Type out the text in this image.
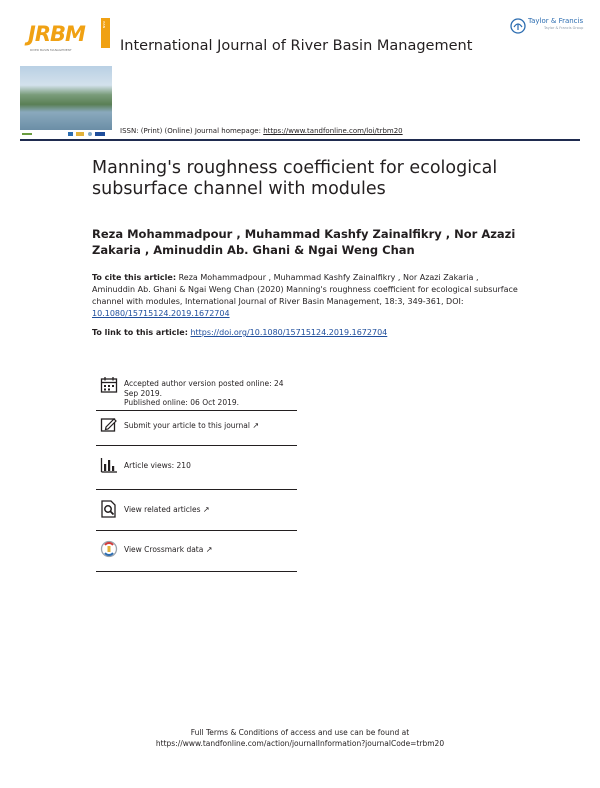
JRBM	ISSN
RIVER BASIN MANAGEMENT	International Journal of River Basin Management
Taylor & Francis
Taylor & Francis Group
ISSN: (Print) (Online) Journal homepage: https://www.tandfonline.com/loi/trbm20
Manning's roughness coefficient for ecological subsurface channel with modules
Reza Mohammadpour , Muhammad Kashfy Zainalfikry , Nor Azazi Zakaria , Aminuddin Ab. Ghani & Ngai Weng Chan
To cite this article: Reza Mohammadpour , Muhammad Kashfy Zainalfikry , Nor Azazi Zakaria , Aminuddin Ab. Ghani & Ngai Weng Chan (2020) Manning's roughness coefficient for ecological subsurface channel with modules, International Journal of River Basin Management, 18:3, 349-361, DOI: 10.1080/15715124.2019.1672704
To link to this article: https://doi.org/10.1080/15715124.2019.1672704
Accepted author version posted online: 24 Sep 2019.
Published online: 06 Oct 2019.
Submit your article to this journal ↗
Article views: 210
View related articles ↗
View Crossmark data ↗
Full Terms & Conditions of access and use can be found at
https://www.tandfonline.com/action/journalInformation?journalCode=trbm20
